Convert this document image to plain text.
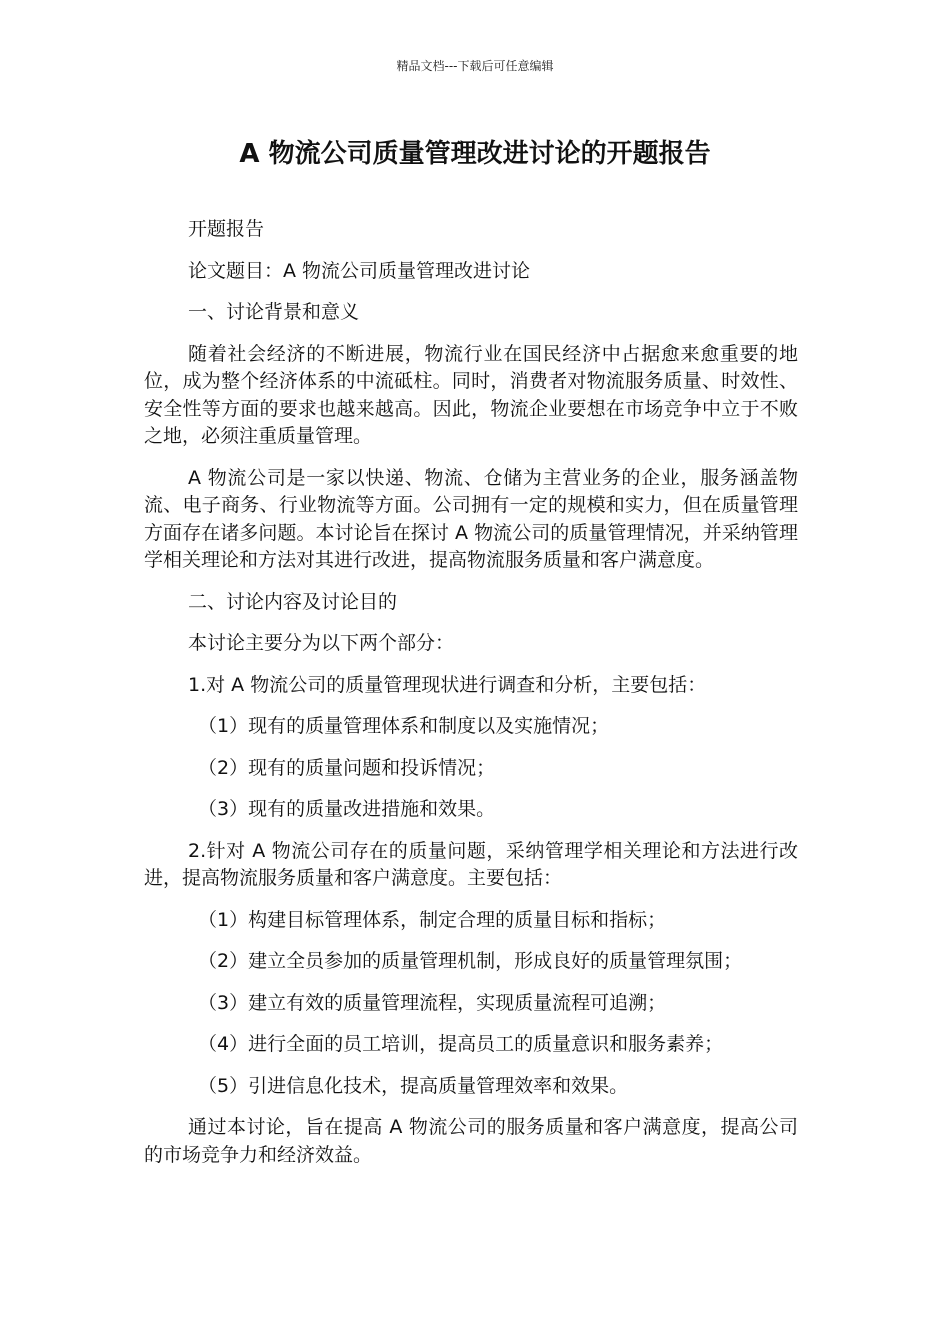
精品文档---下载后可任意编辑
A 物流公司质量管理改进讨论的开题报告

开题报告

论文题目：A 物流公司质量管理改进讨论

一、讨论背景和意义

随着社会经济的不断进展，物流行业在国民经济中占据愈来愈重要的地位，成为整个经济体系的中流砥柱。同时，消费者对物流服务质量、时效性、安全性等方面的要求也越来越高。因此，物流企业要想在市场竞争中立于不败之地，必须注重质量管理。

A 物流公司是一家以快递、物流、仓储为主营业务的企业，服务涵盖物流、电子商务、行业物流等方面。公司拥有一定的规模和实力，但在质量管理方面存在诸多问题。本讨论旨在探讨 A 物流公司的质量管理情况，并采纳管理学相关理论和方法对其进行改进，提高物流服务质量和客户满意度。

二、讨论内容及讨论目的

本讨论主要分为以下两个部分：

1.对 A 物流公司的质量管理现状进行调查和分析，主要包括：

（1）现有的质量管理体系和制度以及实施情况；

（2）现有的质量问题和投诉情况；

（3）现有的质量改进措施和效果。

2.针对 A 物流公司存在的质量问题，采纳管理学相关理论和方法进行改进，提高物流服务质量和客户满意度。主要包括：

（1）构建目标管理体系，制定合理的质量目标和指标；

（2）建立全员参加的质量管理机制，形成良好的质量管理氛围；

（3）建立有效的质量管理流程，实现质量流程可追溯；

（4）进行全面的员工培训，提高员工的质量意识和服务素养；

（5）引进信息化技术，提高质量管理效率和效果。

通过本讨论，旨在提高 A 物流公司的服务质量和客户满意度，提高公司的市场竞争力和经济效益。
